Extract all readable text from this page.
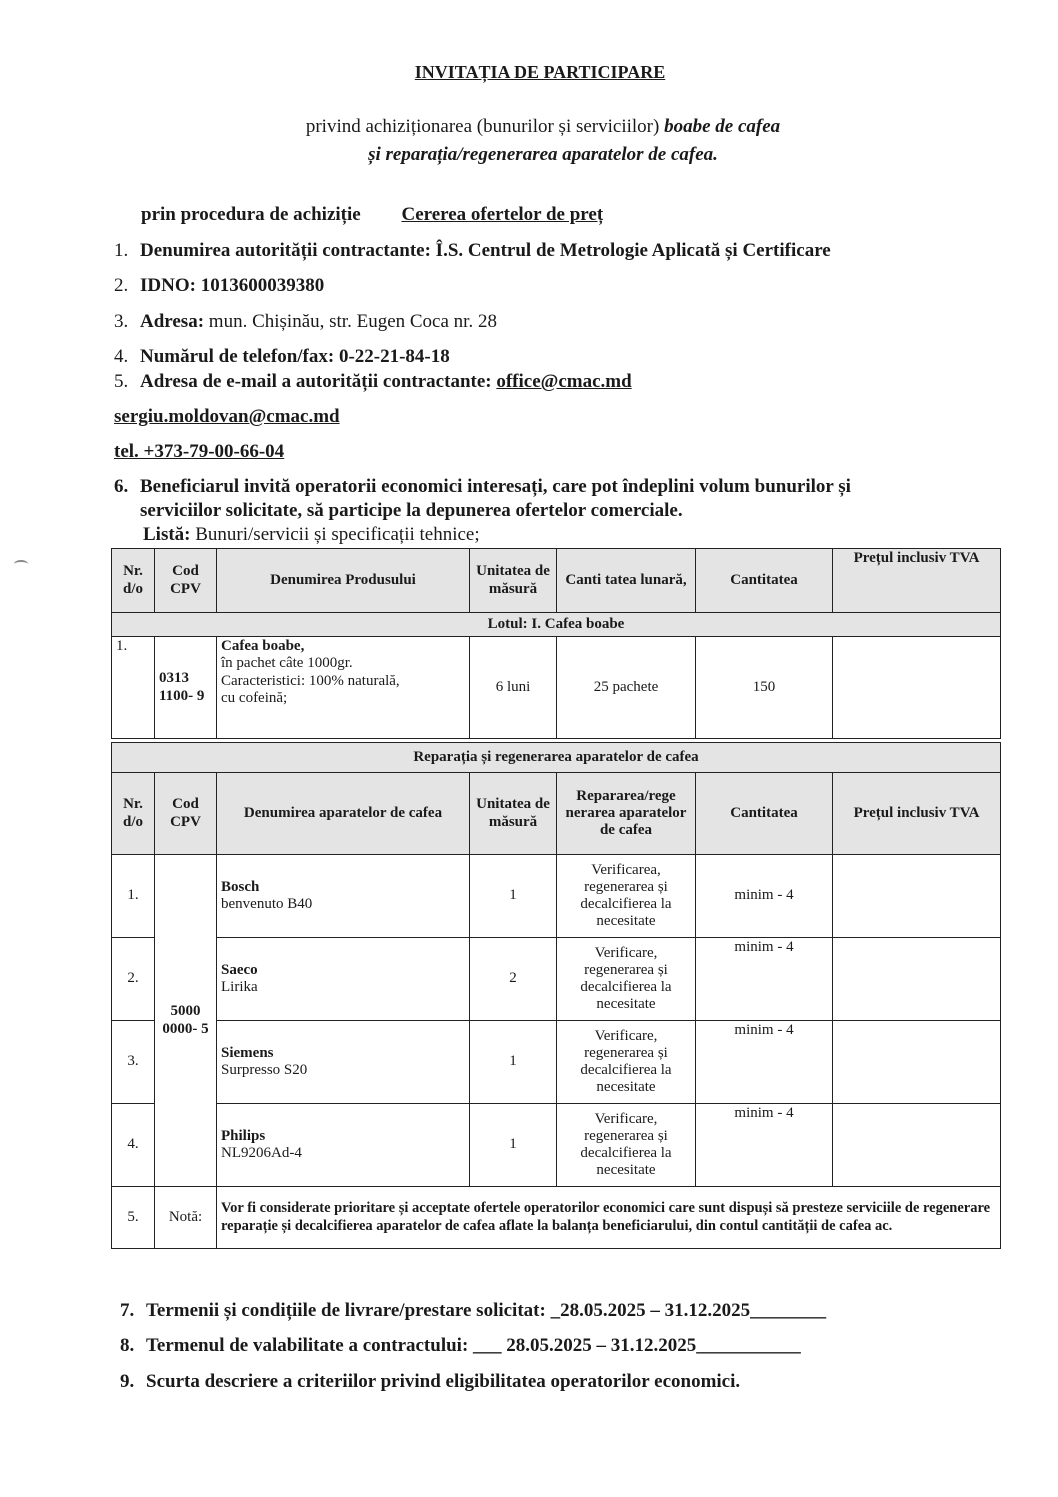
INVITAȚIA DE PARTICIPARE
privind achiziționarea (bunurilor și serviciilor) boabe de cafea
și reparația/regenerarea aparatelor de cafea.
prin procedura de achiziție Cererea ofertelor de preț
1. Denumirea autorității contractante: Î.S. Centrul de Metrologie Aplicată și Certificare
2. IDNO: 1013600039380
3. Adresa: mun. Chișinău, str. Eugen Coca nr. 28
4. Numărul de telefon/fax: 0-22-21-84-18
5. Adresa de e-mail a autorității contractante: office@cmac.md
sergiu.moldovan@cmac.md
tel. +373-79-00-66-04
6. Beneficiarul invită operatorii economici interesați, care pot îndeplini volum bunurilor și
serviciilor solicitate, să participe la depunerea ofertelor comerciale.
Listă: Bunuri/servicii și specificații tehnice;
Nr. d/o	Cod CPV	Denumirea Produsului	Unitatea de măsură	Canti tatea lunară,	Cantitatea	Prețul inclusiv TVA
Lotul: I. Cafea boabe						
1.	0313 1100- 9	Cafea boabe,
în pachet câte 1000gr.
Caracteristici: 100% naturală,
cu cofeină;	6 luni	25 pachete	150	
Reparația și regenerarea aparatelor de cafea						
Nr. d/o	Cod CPV	Denumirea aparatelor de cafea	Unitatea de măsură	Repararea/rege nerarea aparatelor de cafea	Cantitatea	Prețul inclusiv TVA
1.	5000 0000- 5	Bosch
benvenuto B40	1	Verificarea, regenerarea și decalcifierea la necesitate	minim - 4	
2.		Saeco
Lirika	2	Verificare, regenerarea și decalcifierea la necesitate	minim - 4	
3.		Siemens
Surpresso S20	1	Verificare, regenerarea și decalcifierea la necesitate	minim - 4	
4.		Philips
NL9206Ad-4	1	Verificare, regenerarea și decalcifierea la necesitate	minim - 4	
5.	Notă:	Vor fi considerate prioritare și acceptate ofertele operatorilor economici care sunt dispuși să presteze serviciile de regenerare reparație și decalcifierea aparatelor de cafea aflate la balanța beneficiarului, din contul cantității de cafea ac.				
7. Termenii și condițiile de livrare/prestare solicitat: _28.05.2025 – 31.12.2025________
8. Termenul de valabilitate a contractului: ___ 28.05.2025 – 31.12.2025___________
9. Scurta descriere a criteriilor privind eligibilitatea operatorilor economici.
